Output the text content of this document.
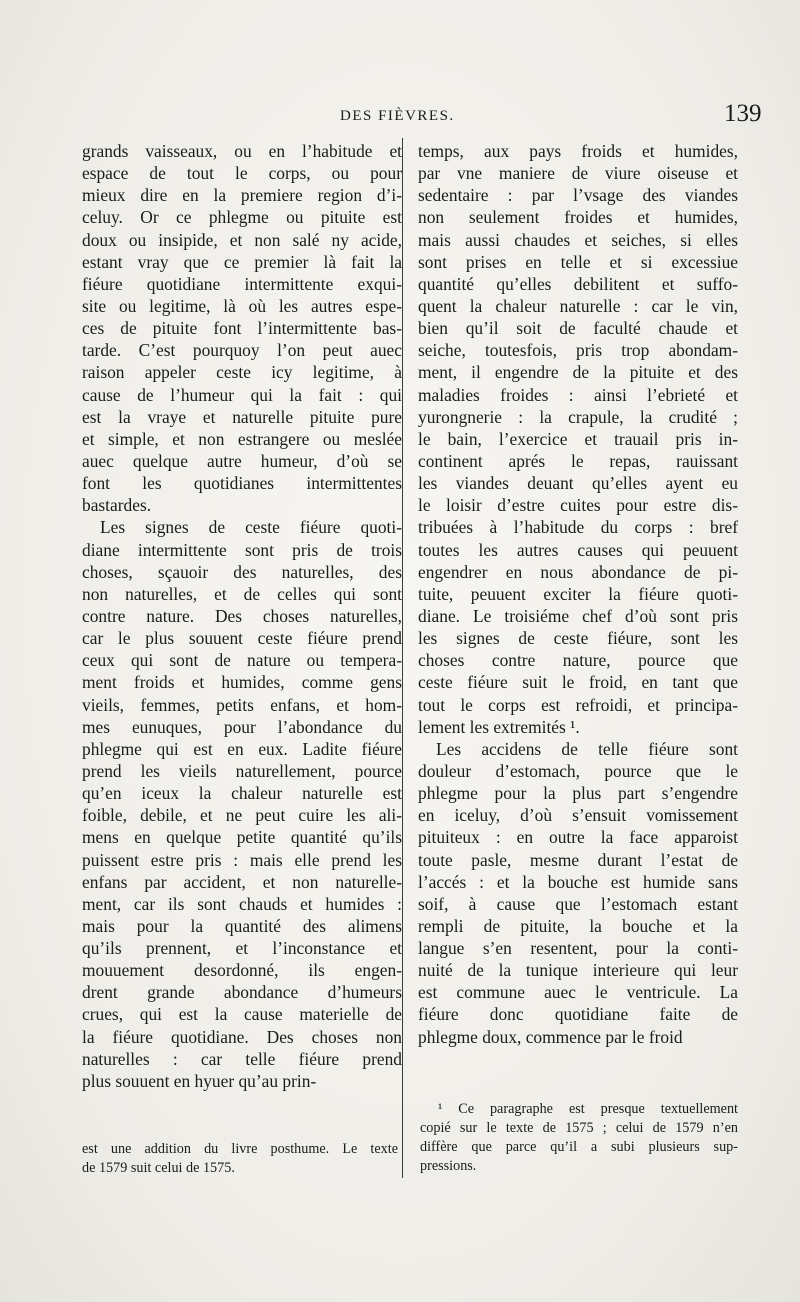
DES FIÈVRES.	139
grands vaisseaux, ou en l’habitude et
espace de tout le corps, ou pour
mieux dire en la premiere region d’i-
celuy. Or ce phlegme ou pituite est
doux ou insipide, et non salé ny acide,
estant vray que ce premier là fait la
fiéure quotidiane intermittente exqui-
site ou legitime, là où les autres espe-
ces de pituite font l’intermittente bas-
tarde. C’est pourquoy l’on peut auec
raison appeler ceste icy legitime, à
cause de l’humeur qui la fait : qui
est la vraye et naturelle pituite pure
et simple, et non estrangere ou meslée
auec quelque autre humeur, d’où se
font les quotidianes intermittentes
bastardes.
Les signes de ceste fiéure quoti-
diane intermittente sont pris de trois
choses, sçauoir des naturelles, des
non naturelles, et de celles qui sont
contre nature. Des choses naturelles,
car le plus souuent ceste fiéure prend
ceux qui sont de nature ou tempera-
ment froids et humides, comme gens
vieils, femmes, petits enfans, et hom-
mes eunuques, pour l’abondance du
phlegme qui est en eux. Ladite fiéure
prend les vieils naturellement, pource
qu’en iceux la chaleur naturelle est
foible, debile, et ne peut cuire les ali-
mens en quelque petite quantité qu’ils
puissent estre pris : mais elle prend les
enfans par accident, et non naturelle-
ment, car ils sont chauds et humides :
mais pour la quantité des alimens
qu’ils prennent, et l’inconstance et
mouuement desordonné, ils engen-
drent grande abondance d’humeurs
crues, qui est la cause materielle de
la fiéure quotidiane. Des choses non
naturelles : car telle fiéure prend
plus souuent en hyuer qu’au prin-
temps, aux pays froids et humides,
par vne maniere de viure oiseuse et
sedentaire : par l’vsage des viandes
non seulement froides et humides,
mais aussi chaudes et seiches, si elles
sont prises en telle et si excessiue
quantité qu’elles debilitent et suffo-
quent la chaleur naturelle : car le vin,
bien qu’il soit de faculté chaude et
seiche, toutesfois, pris trop abondam-
ment, il engendre de la pituite et des
maladies froides : ainsi l’ebrieté et
yurongnerie : la crapule, la crudité ;
le bain, l’exercice et trauail pris in-
continent aprés le repas, rauissant
les viandes deuant qu’elles ayent eu
le loisir d’estre cuites pour estre dis-
tribuées à l’habitude du corps : bref
toutes les autres causes qui peuuent
engendrer en nous abondance de pi-
tuite, peuuent exciter la fiéure quoti-
diane. Le troisiéme chef d’où sont pris
les signes de ceste fiéure, sont les
choses contre nature, pource que
ceste fiéure suit le froid, en tant que
tout le corps est refroidi, et principa-
lement les extremités ¹.
Les accidens de telle fiéure sont
douleur d’estomach, pource que le
phlegme pour la plus part s’engendre
en iceluy, d’où s’ensuit vomissement
pituiteux : en outre la face apparoist
toute pasle, mesme durant l’estat de
l’accés : et la bouche est humide sans
soif, à cause que l’estomach estant
rempli de pituite, la bouche et la
langue s’en resentent, pour la conti-
nuité de la tunique interieure qui leur
est commune auec le ventricule. La
fiéure donc quotidiane faite de
phlegme doux, commence par le froid
est une addition du livre posthume. Le texte
de 1579 suit celui de 1575.
¹ Ce paragraphe est presque textuellement
copié sur le texte de 1575 ; celui de 1579 n’en
diffère que parce qu’il a subi plusieurs sup-
pressions.
